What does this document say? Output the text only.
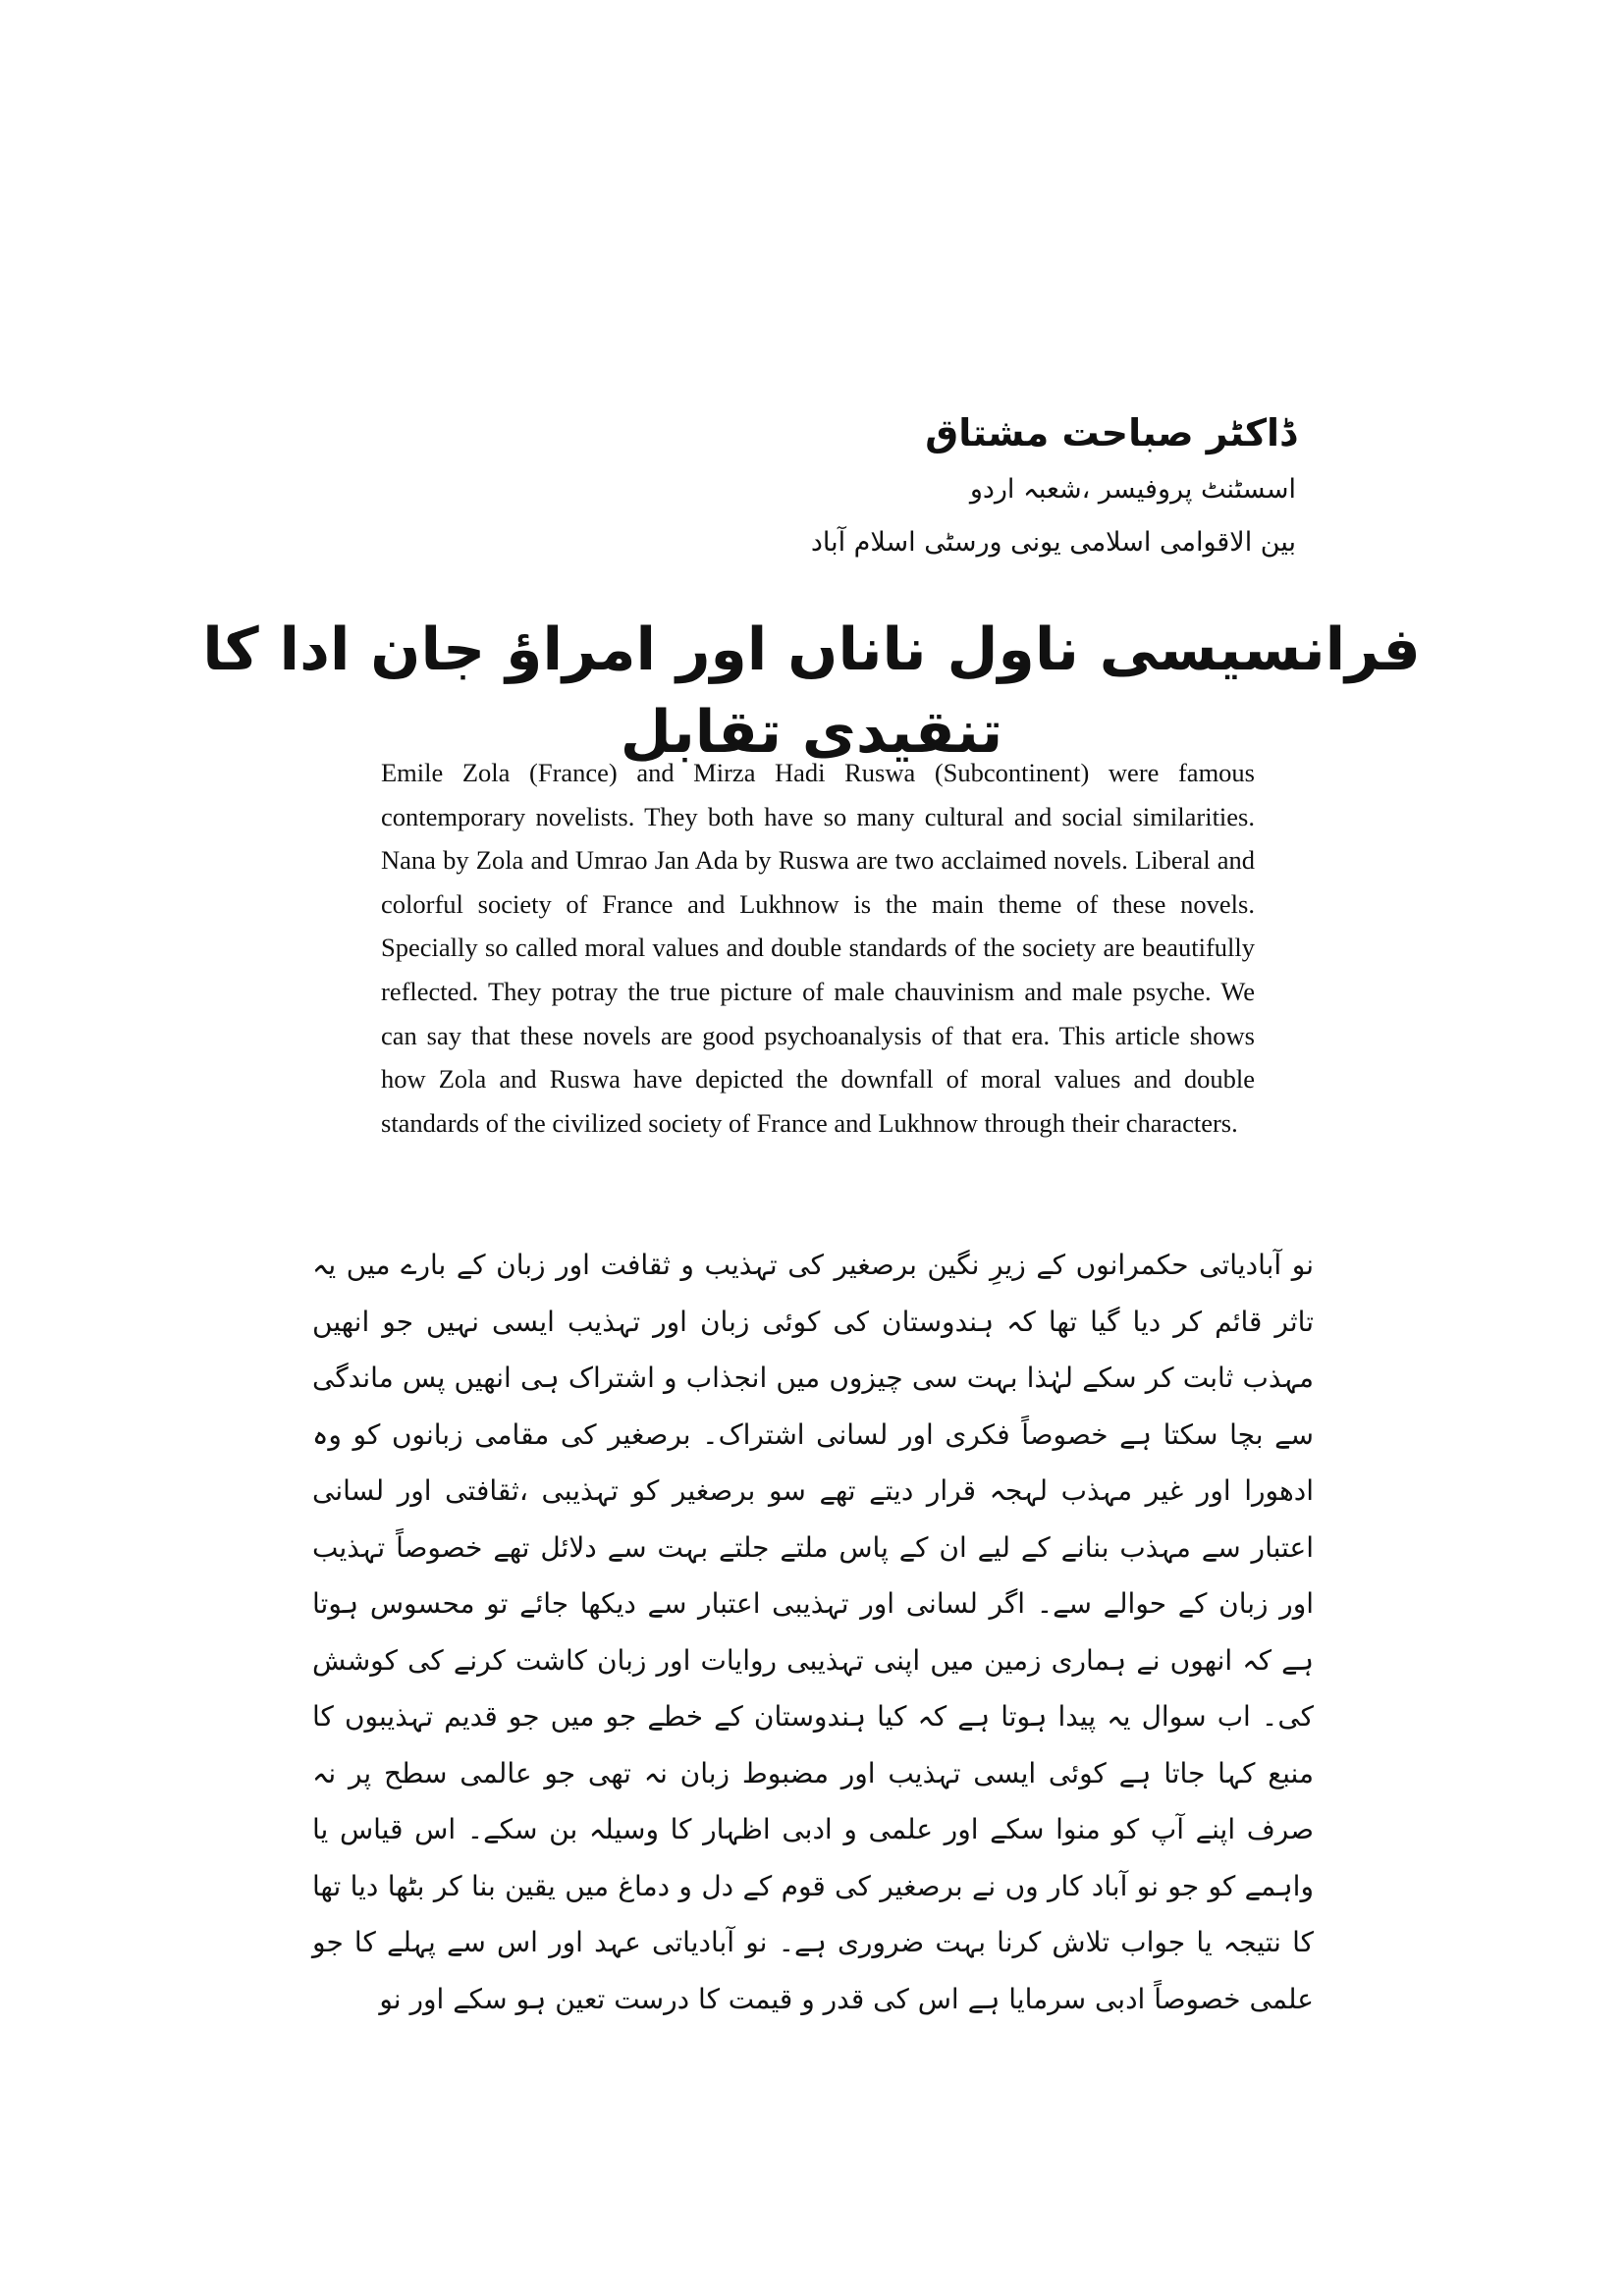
ڈاکٹر صباحت مشتاق

اسسٹنٹ پروفیسر ،شعبہ اردو

بین الاقوامی اسلامی یونی ورسٹی اسلام آباد

فرانسیسی ناول ناناں اور امراؤ جان ادا کا تنقیدی تقابل

Emile Zola (France) and Mirza Hadi Ruswa (Subcontinent) were famous contemporary novelists. They both have so many cultural and social similarities. Nana by Zola and Umrao Jan Ada by Ruswa are two acclaimed novels. Liberal and colorful society of France and Lukhnow is the main theme of these novels. Specially so called moral values and double standards of the society are beautifully reflected. They potray the true picture of male chauvinism and male psyche. We can say that these novels are good psychoanalysis of that era. This article shows how Zola and Ruswa have depicted the downfall of moral values and double standards of the civilized society of France and Lukhnow through their characters.

نو آبادیاتی حکمرانوں کے زیرِ نگین برصغیر کی تہذیب و ثقافت اور زبان کے بارے میں یہ تاثر قائم کر دیا گیا تھا کہ ہندوستان کی کوئی زبان اور تہذیب ایسی نہیں جو انھیں مہذب ثابت کر سکے لہٰذا بہت سی چیزوں میں انجذاب و اشتراک ہی انھیں پس ماندگی سے بچا سکتا ہے خصوصاً فکری اور لسانی اشتراک۔ برصغیر کی مقامی زبانوں کو وہ ادھورا اور غیر مہذب لہجہ قرار دیتے تھے سو برصغیر کو تہذیبی ،ثقافتی اور لسانی اعتبار سے مہذب بنانے کے لیے ان کے پاس ملتے جلتے بہت سے دلائل تھے خصوصاً تہذیب اور زبان کے حوالے سے۔ اگر لسانی اور تہذیبی اعتبار سے دیکھا جائے تو محسوس ہوتا ہے کہ انھوں نے ہماری زمین میں اپنی تہذیبی روایات اور زبان کاشت کرنے کی کوشش کی۔ اب سوال یہ پیدا ہوتا ہے کہ کیا ہندوستان کے خطے جو میں جو قدیم تہذیبوں کا منبع کہا جاتا ہے کوئی ایسی تہذیب اور مضبوط زبان نہ تھی جو عالمی سطح پر نہ صرف اپنے آپ کو منوا سکے اور علمی و ادبی اظہار کا وسیلہ بن سکے۔ اس قیاس یا واہمے کو جو نو آباد کار وں نے برصغیر کی قوم کے دل و دماغ میں یقین بنا کر بٹھا دیا تھا کا نتیجہ یا جواب تلاش کرنا بہت ضروری ہے۔ نو آبادیاتی عہد اور اس سے پہلے کا جو علمی خصوصاً ادبی سرمایا ہے اس کی قدر و قیمت کا درست تعین ہو سکے اور نو
